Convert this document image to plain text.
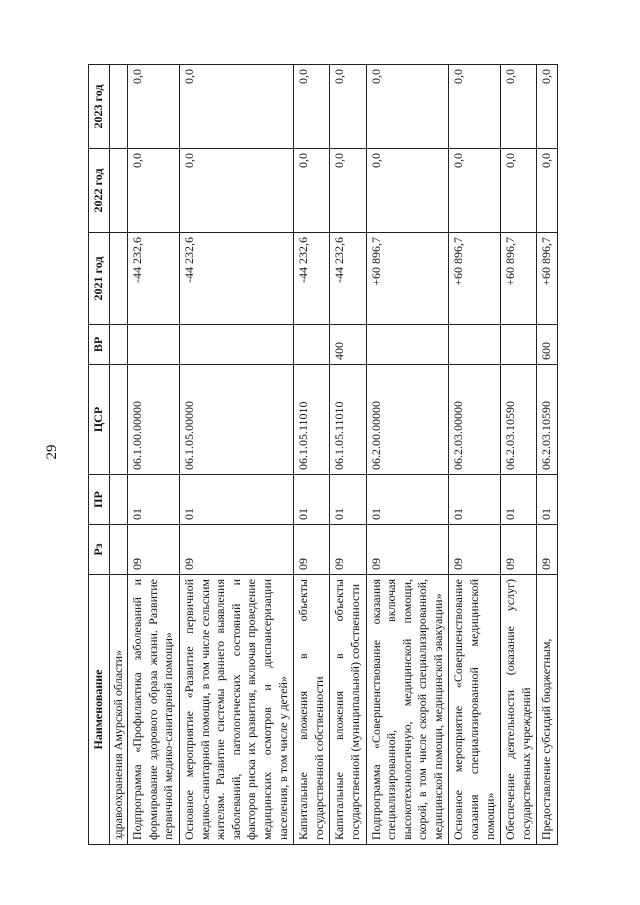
29
Наименование	Рз	ПР	ЦСР	ВР	2021 год	2022 год	2023 год
здравоохранения Амурской области»							
Подпрограмма «Профилактика заболеваний и формирование здорового образа жизни. Развитие первичной медико-санитарной помощи»	09	01	06.1.00.00000		-44 232,6	0,0	0,0
Основное мероприятие «Развитие первичной медико-санитарной помощи, в том числе сельским жителям. Развитие системы раннего выявления заболеваний, патологических состояний и факторов риска их развития, включая проведение медицинских осмотров и диспансеризации населения, в том числе у детей»	09	01	06.1.05.00000		-44 232,6	0,0	0,0
Капитальные вложения в объекты государственной собственности	09	01	06.1.05.11010		-44 232,6	0,0	0,0
Капитальные вложения в объекты государственной (муниципальной) собственности	09	01	06.1.05.11010	400	-44 232,6	0,0	0,0
Подпрограмма «Совершенствование оказания специализированной, включая высокотехнологичную, медицинской помощи, скорой, в том числе скорой специализированной, медицинской помощи, медицинской эвакуации»	09	01	06.2.00.00000		+60 896,7	0,0	0,0
Основное мероприятие «Совершенствование оказания специализированной медицинской помощи»	09	01	06.2.03.00000		+60 896,7	0,0	0,0
Обеспечение деятельности (оказание услуг) государственных учреждений	09	01	06.2.03.10590		+60 896,7	0,0	0,0
Предоставление субсидий бюджетным,	09	01	06.2.03.10590	600	+60 896,7	0,0	0,0
